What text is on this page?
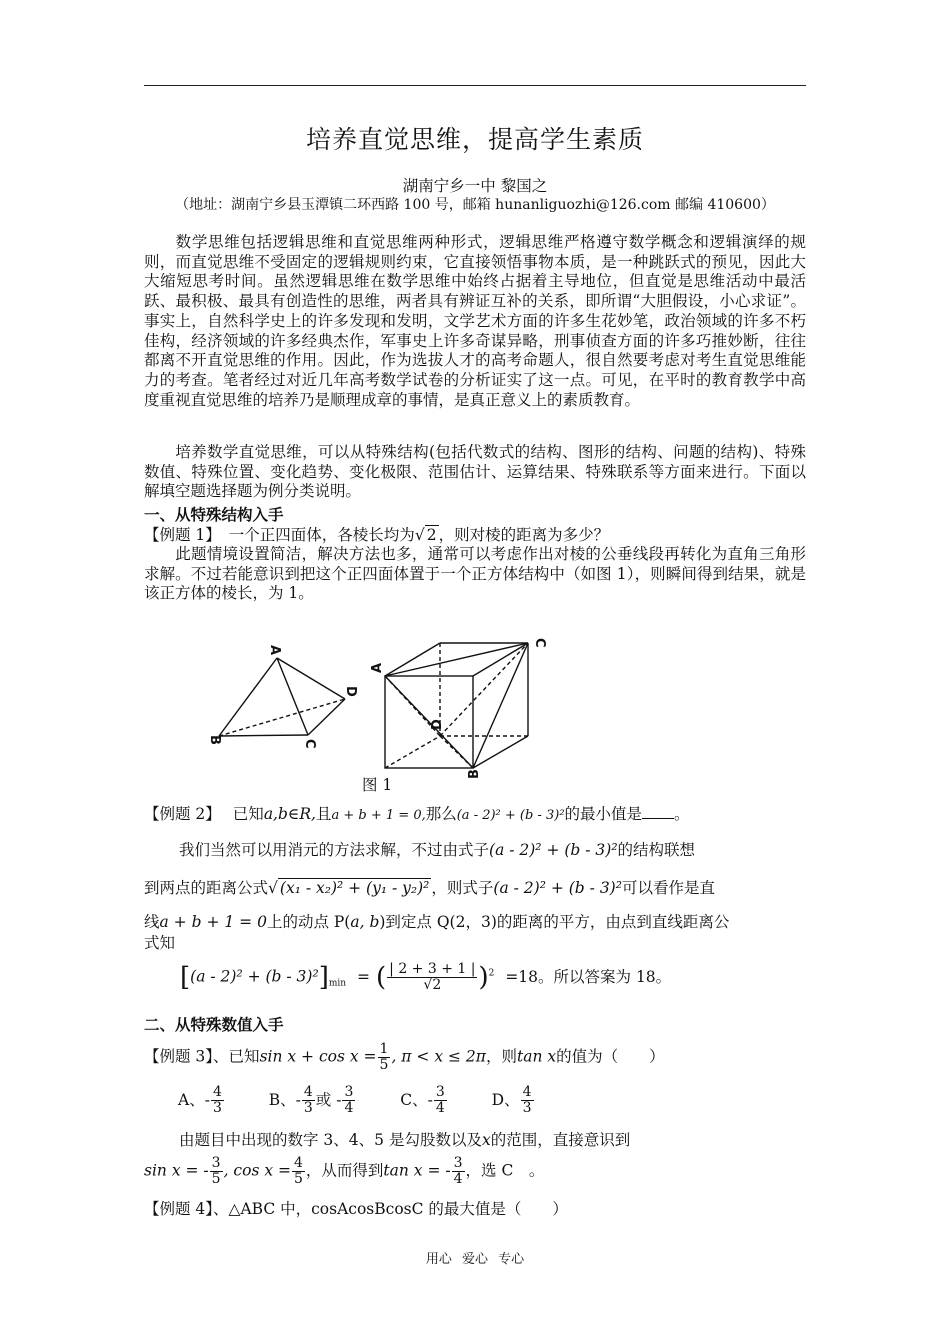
培养直觉思维，提高学生素质
湖南宁乡一中 黎国之
（地址：湖南宁乡县玉潭镇二环西路 100 号，邮箱 hunanliguozhi@126.com 邮编 410600）

数学思维包括逻辑思维和直觉思维两种形式，逻辑思维严格遵守数学概念和逻辑演绎的规则，而直觉思维不受固定的逻辑规则约束，它直接领悟事物本质，是一种跳跃式的预见，因此大大缩短思考时间。虽然逻辑思维在数学思维中始终占据着主导地位，但直觉是思维活动中最活跃、最积极、最具有创造性的思维，两者具有辨证互补的关系，即所谓“大胆假设，小心求证”。事实上，自然科学史上的许多发现和发明，文学艺术方面的许多生花妙笔，政治领域的许多不朽佳构，经济领域的许多经典杰作，军事史上许多奇谋异略，刑事侦查方面的许多巧推妙断，往往都离不开直觉思维的作用。因此，作为选拔人才的高考命题人，很自然要考虑对考生直觉思维能力的考查。笔者经过对近几年高考数学试卷的分析证实了这一点。可见，在平时的教育教学中高度重视直觉思维的培养乃是顺理成章的事情，是真正意义上的素质教育。

培养数学直觉思维，可以从特殊结构(包括代数式的结构、图形的结构、问题的结构)、特殊数值、特殊位置、变化趋势、变化极限、范围估计、运算结果、特殊联系等方面来进行。下面以解填空题选择题为例分类说明。

一、从特殊结构入手
【例题 1】 一个正四面体，各棱长均为√ 2 ，则对棱的距离为多少？

此题情境设置简洁，解决方法也多，通常可以考虑作出对棱的公垂线段再转化为直角三角形求解。不过若能意识到把这个正四面体置于一个正方体结构中（如图 1），则瞬间得到结果，就是该正方体的棱长，为 1。

A
B	C
D
A
B
C
D
图 1
【例题 2】 已知a,b∈R,且a + b + 1 = 0,那么(a - 2)² + (b - 3)²的最小值是 。
我们当然可以用消元的方法求解，不过由式子(a - 2)² + (b - 3)²的结构联想
到两点的距离公式√ (x₁ - x₂)² + (y₁ - y₂)² ，则式子(a - 2)² + (b - 3)²可以看作是直
线a + b + 1 = 0上的动点 P(a, b)到定点 Q(2，3)的距离的平方，由点到直线距离公
式知
$[(a - 2)^2 + (b - 3)^2]_{min}$ = ( $\frac{| 2 + 3 + 1 |}{√2} )^2 =18$。所以答案为 18。
二、从特殊数值入手
【例题 3】、已知$\sin x + \cos x = \frac{1}{5}$ , π < x ≤ 2π，则tan x的值为（　　）
A、- $\frac{4}{3}$	B、- $\frac{4}{3}$ 或 - $\frac{3}{4}$	C、- $\frac{3}{4}$	D、 $\frac{4}{3}$
由题目中出现的数字 3、4、5 是勾股数以及x的范围，直接意识到
sin x = - $\frac{3}{5}$ , $\cos x = \frac{4}{5}$ ，从而得到tan x = - $\frac{3}{4}$ ，选 C　。
【例题 4】、△ABC 中，cosAcosBcosC 的最大值是（　　）
用心 爱心 专心
